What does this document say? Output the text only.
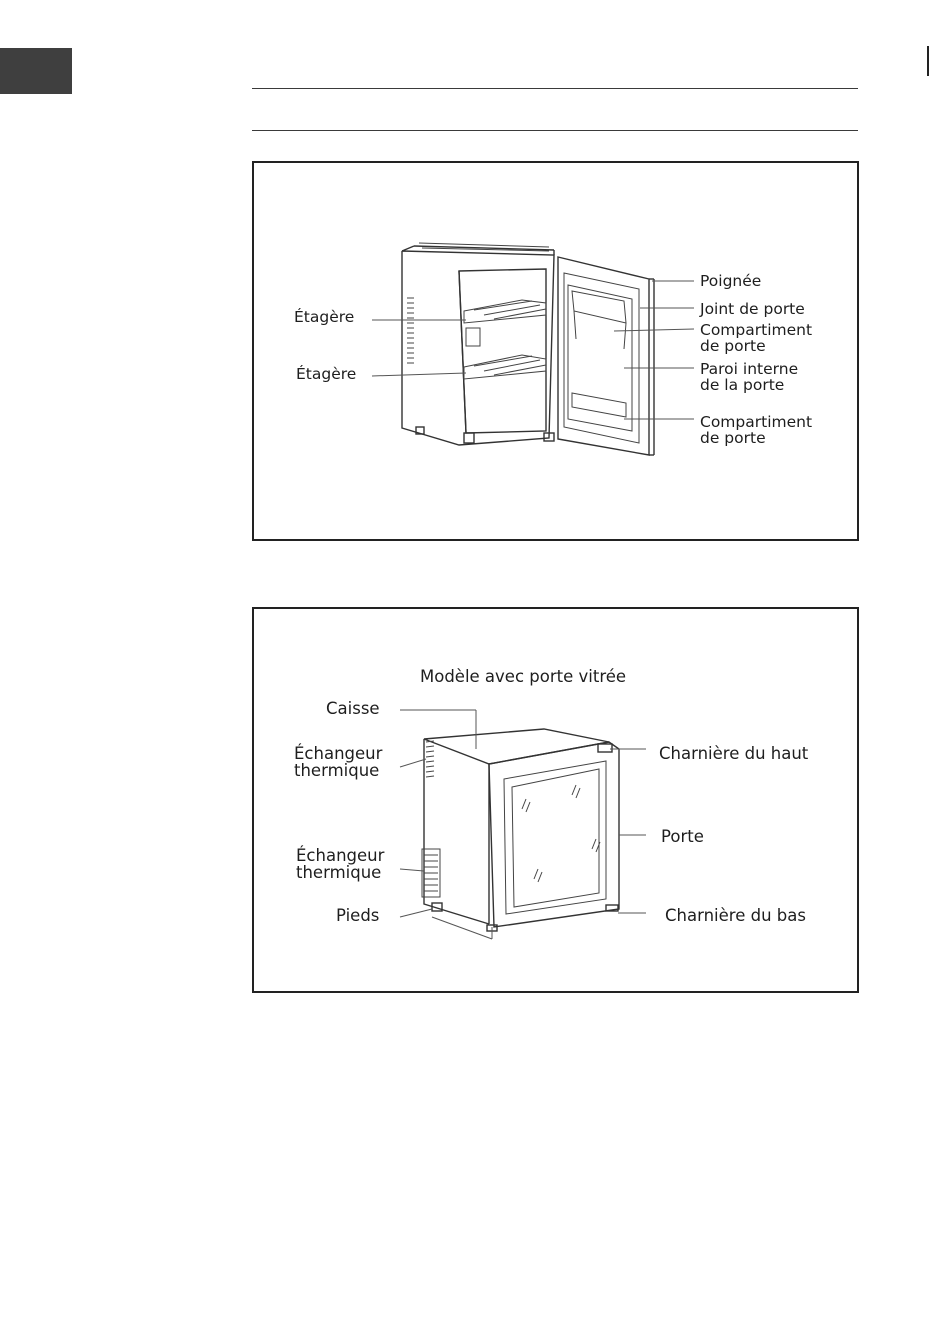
Étagère
Étagère
Poignée
Joint de porte
Compartiment
de porte
Paroi interne
de la porte
Compartiment
de porte
Modèle avec porte vitrée
Caisse
Échangeur
thermique
Échangeur
thermique
Pieds
Charnière du haut
Porte
Charnière du bas
